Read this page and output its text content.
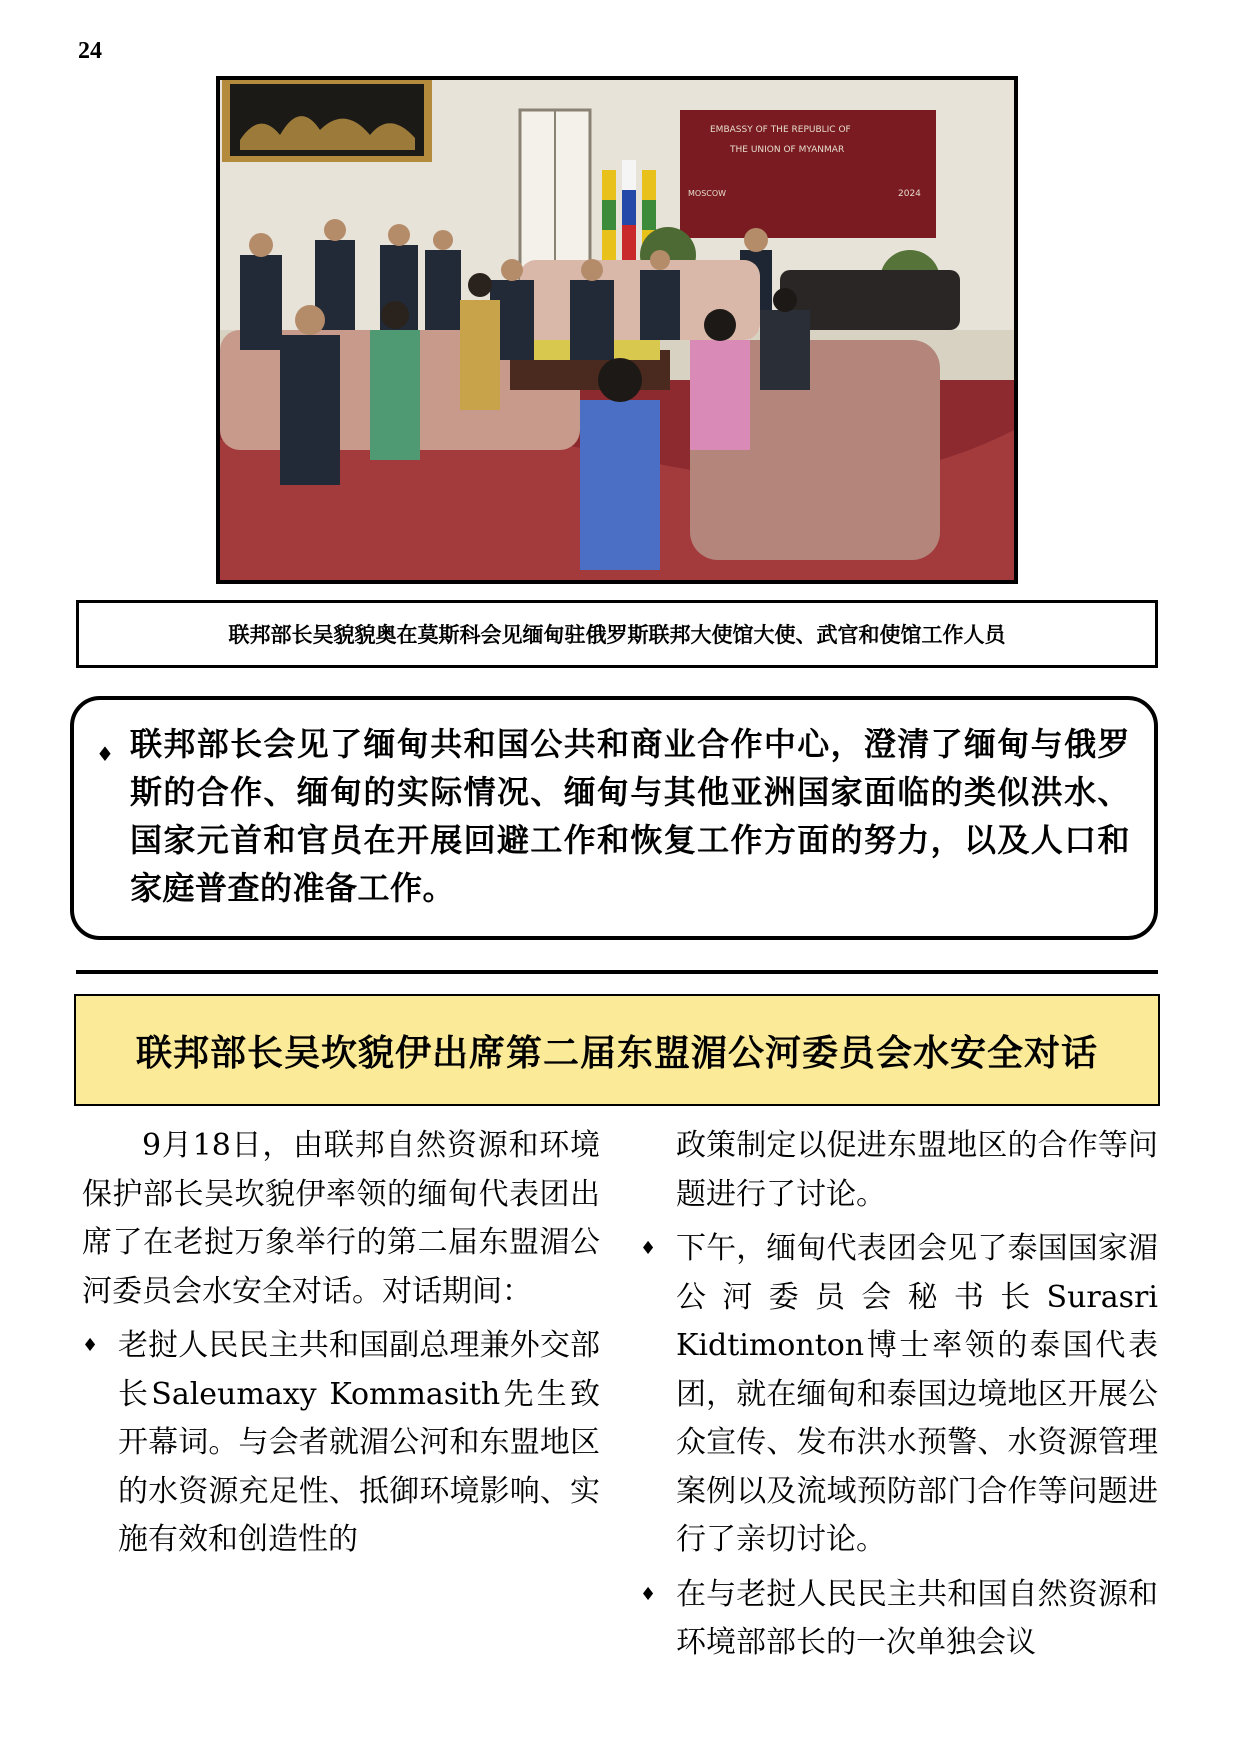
24
EMBASSY OF THE REPUBLIC OF
THE UNION OF MYANMAR
MOSCOW	2024
联邦部长吴貌貌奥在莫斯科会见缅甸驻俄罗斯联邦大使馆大使、武官和使馆工作人员
♦ 联邦部长会见了缅甸共和国公共和商业合作中心，澄清了缅甸与俄罗斯的合作、缅甸的实际情况、缅甸与其他亚洲国家面临的类似洪水、国家元首和官员在开展回避工作和恢复工作方面的努力，以及人口和家庭普查的准备工作。
联邦部长吴坎貌伊出席第二届东盟湄公河委员会水安全对话

9月18日，由联邦自然资源和环境保护部长吴坎貌伊率领的缅甸代表团出席了在老挝万象举行的第二届东盟湄公河委员会水安全对话。对话期间：

♦ 老挝人民民主共和国副总理兼外交部长Saleumaxy Kommasith先生致开幕词。与会者就湄公河和东盟地区的水资源充足性、抵御环境影响、实施有效和创造性的

政策制定以促进东盟地区的合作等问题进行了讨论。

♦ 下午，缅甸代表团会见了泰国国家湄公河委员会秘书长Surasri Kidtimonton博士率领的泰国代表团，就在缅甸和泰国边境地区开展公众宣传、发布洪水预警、水资源管理案例以及流域预防部门合作等问题进行了亲切讨论。
♦ 在与老挝人民民主共和国自然资源和环境部部长的一次单独会议
